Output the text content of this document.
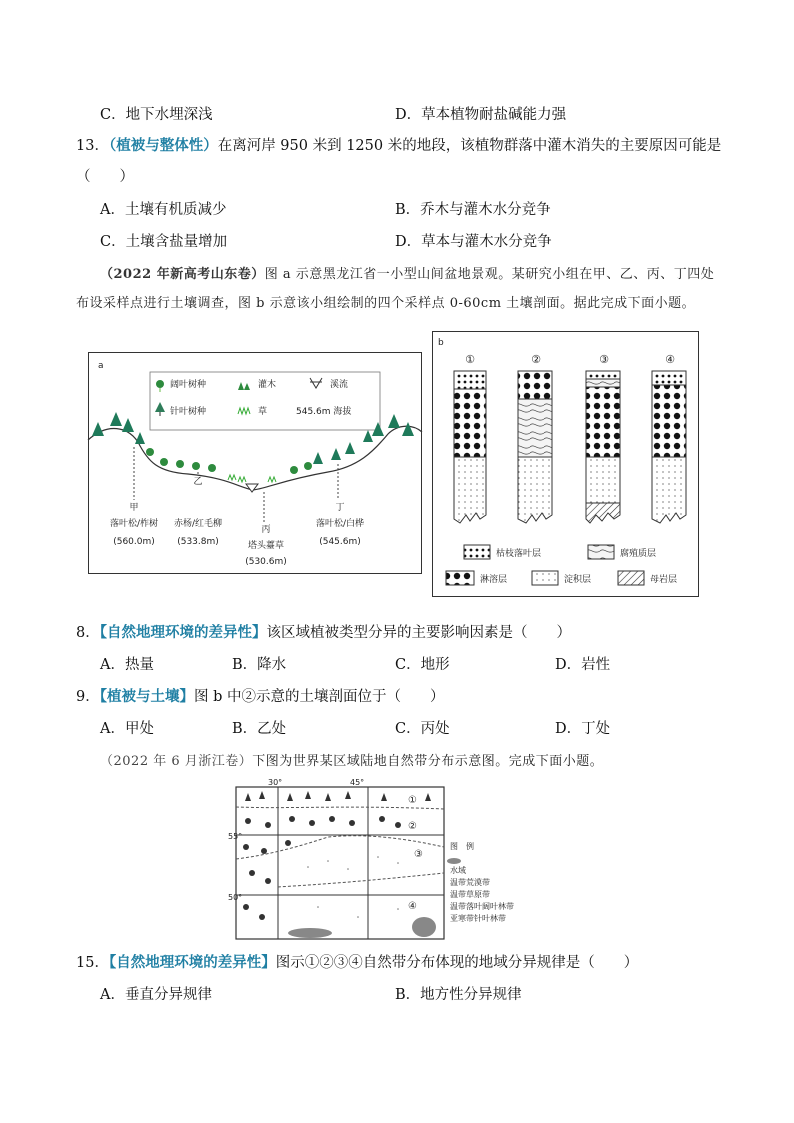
C．地下水埋深浅	D．草本植物耐盐碱能力强
13．（植被与整体性）在离河岸 950 米到 1250 米的地段，该植物群落中灌木消失的主要原因可能是
（　　）
A．土壤有机质减少	B．乔木与灌木水分竞争
C．土壤含盐量增加	D．草本与灌木水分竞争
（2022 年新高考山东卷）图 a 示意黑龙江省一小型山间盆地景观。某研究小组在甲、乙、丙、丁四处
布设采样点进行土壤调查，图 b 示意该小组绘制的四个采样点 0-60cm 土壤剖面。据此完成下面小题。
a
阔叶树种	灌木	溪流
针叶树种	草	545.6m 海拔
甲
落叶松/柞树
(560.0m)
乙
赤杨/红毛柳
(533.8m)
丙
塔头薹草
(530.6m)
丁
落叶松/白桦
(545.6m)
b
①	②	③	④
枯枝落叶层	腐殖质层
淋溶层	淀积层	母岩层
8．【自然地理环境的差异性】该区域植被类型分异的主要影响因素是（　　）
A．热量	B．降水	C．地形	D．岩性
9．【植被与土壤】图 b 中②示意的土壤剖面位于（　　）
A．甲处	B．乙处	C．丙处	D．丁处
（2022 年 6 月浙江卷）下图为世界某区域陆地自然带分布示意图。完成下面小题。
30°	45°
55°
50°
①
②
③
④
图　例
水域
温带荒漠带
温带草原带
温带落叶阔叶林带
亚寒带针叶林带
15．【自然地理环境的差异性】图示①②③④自然带分布体现的地域分异规律是（　　）
A．垂直分异规律	B．地方性分异规律
